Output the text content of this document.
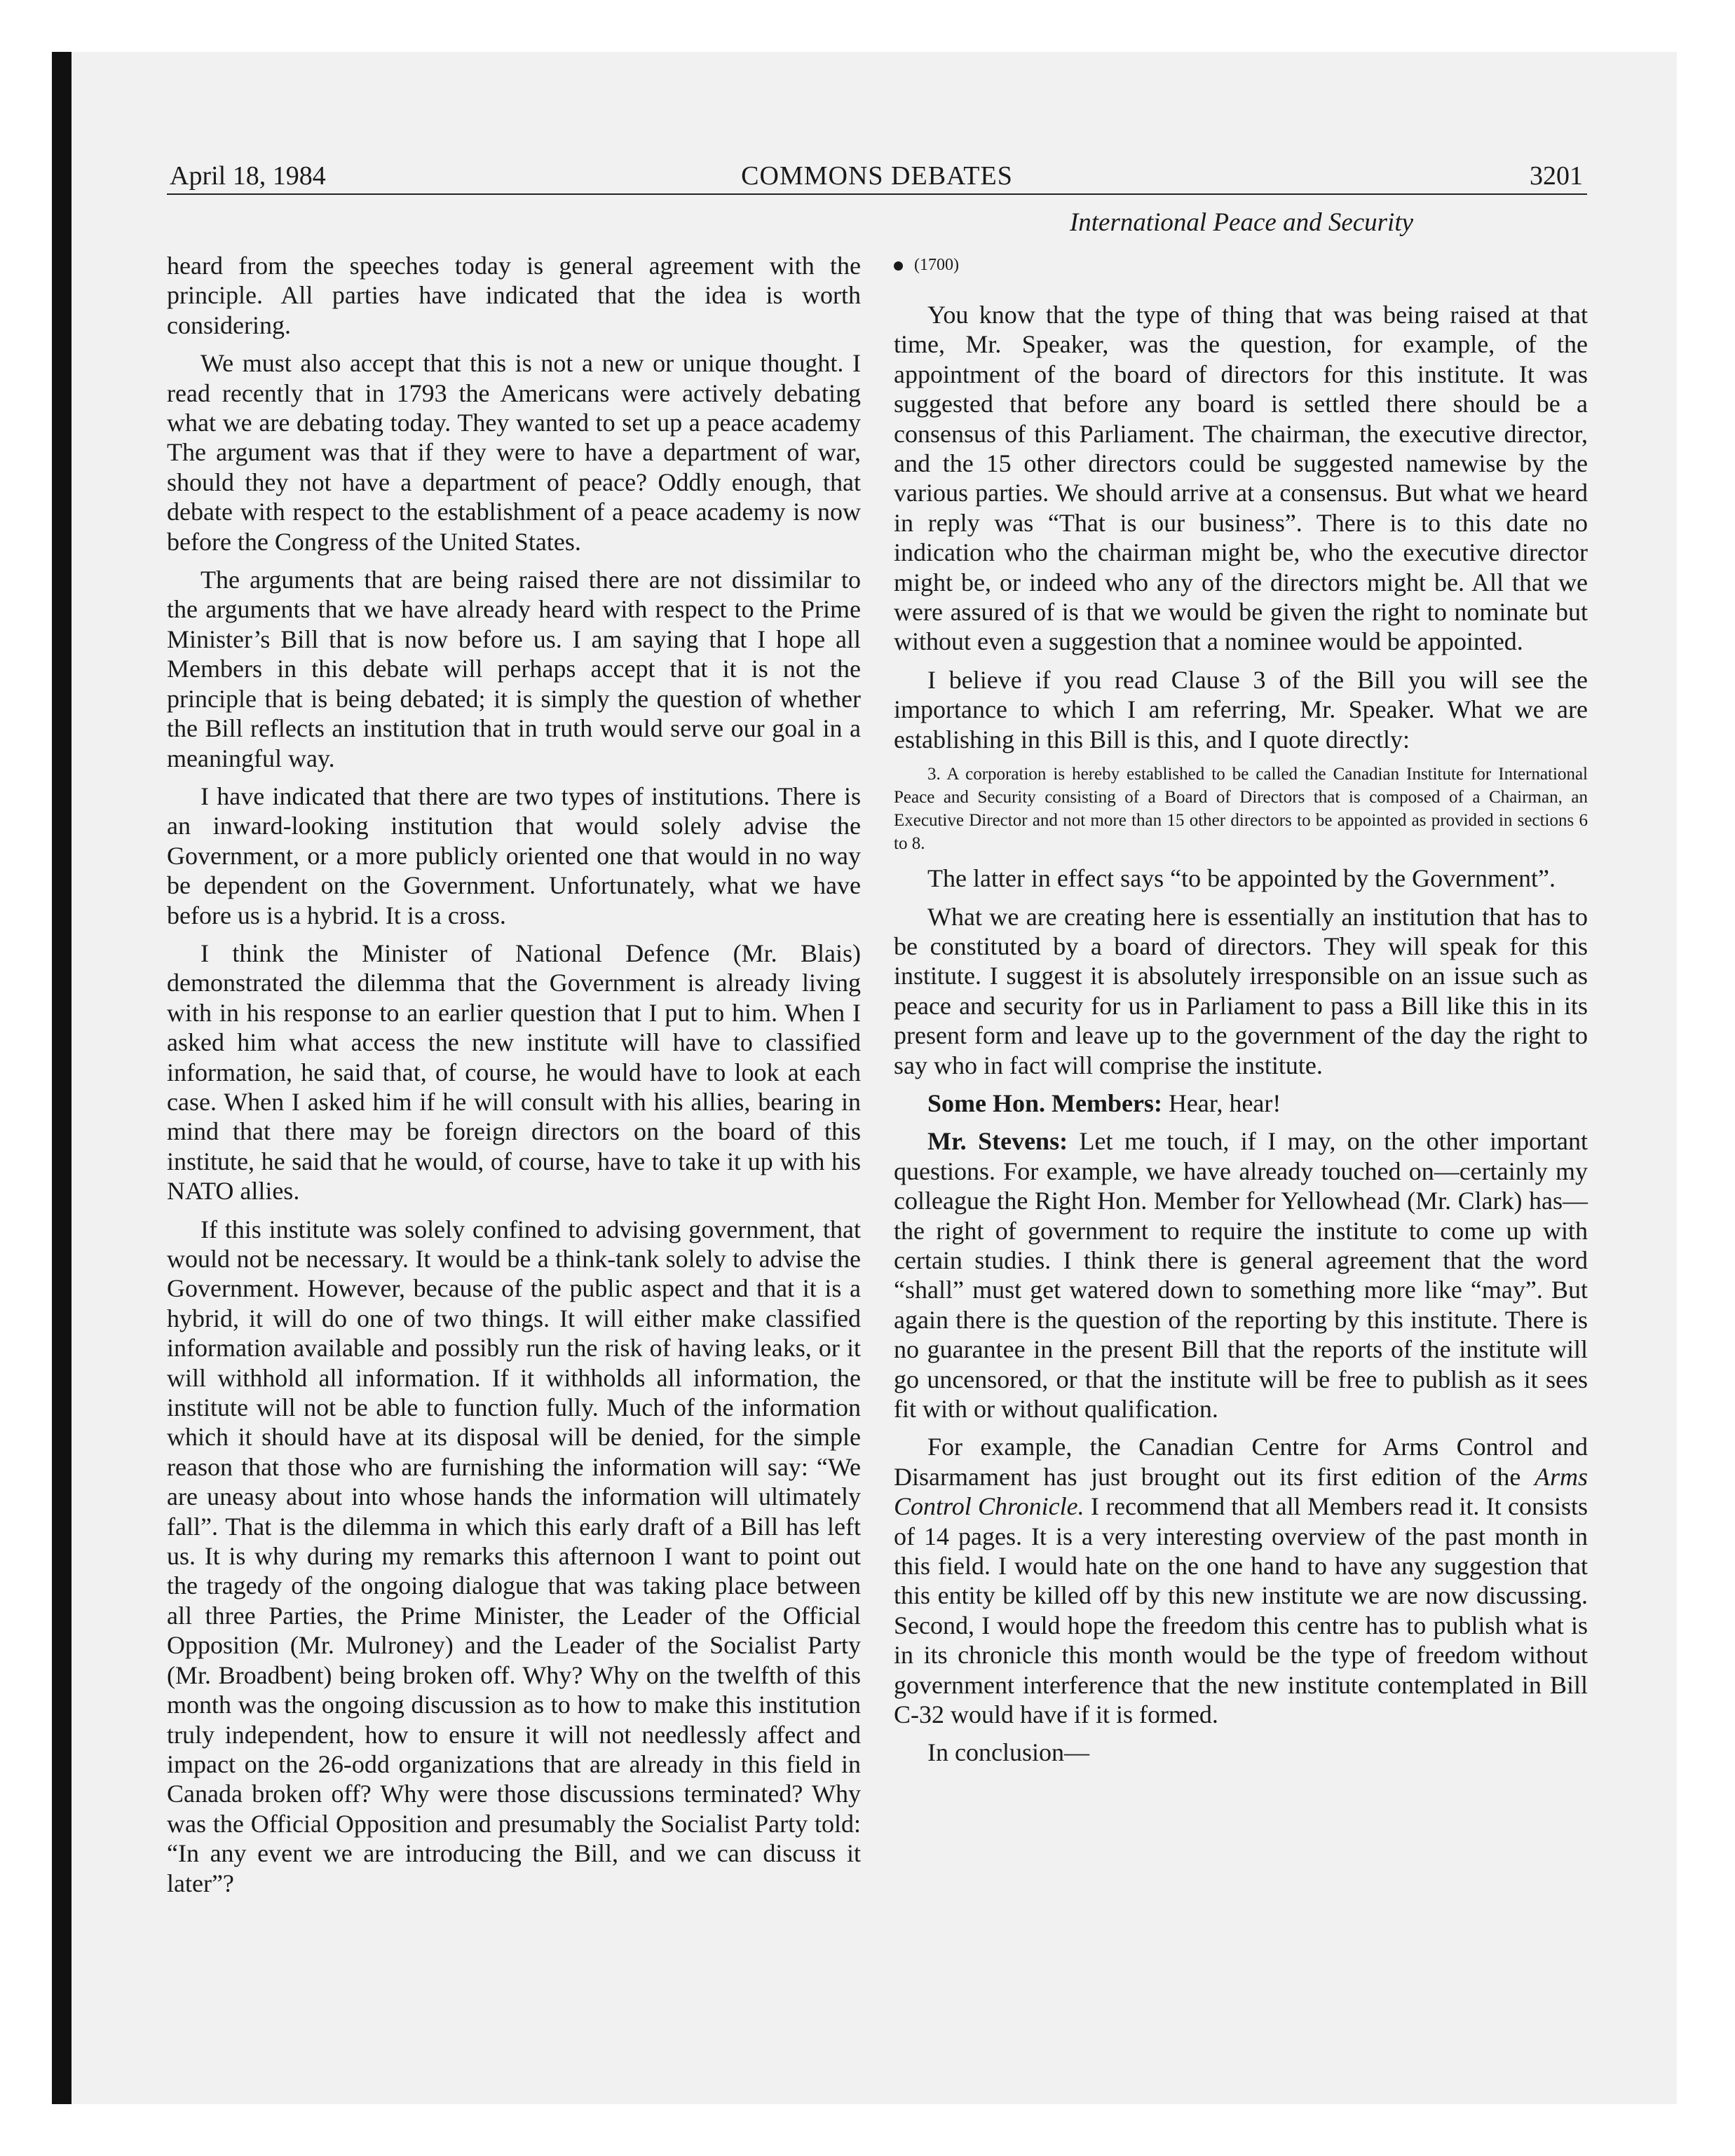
April 18, 1984	COMMONS DEBATES	3201
International Peace and Security

heard from the speeches today is general agreement with the principle. All parties have indicated that the idea is worth considering.

We must also accept that this is not a new or unique thought. I read recently that in 1793 the Americans were actively debating what we are debating today. They wanted to set up a peace academy The argument was that if they were to have a department of war, should they not have a department of peace? Oddly enough, that debate with respect to the establishment of a peace academy is now before the Congress of the United States.

The arguments that are being raised there are not dissimilar to the arguments that we have already heard with respect to the Prime Minister’s Bill that is now before us. I am saying that I hope all Members in this debate will perhaps accept that it is not the principle that is being debated; it is simply the question of whether the Bill reflects an institution that in truth would serve our goal in a meaningful way.

I have indicated that there are two types of institutions. There is an inward-looking institution that would solely advise the Government, or a more publicly oriented one that would in no way be dependent on the Government. Unfortunately, what we have before us is a hybrid. It is a cross.

I think the Minister of National Defence (Mr. Blais) demonstrated the dilemma that the Government is already living with in his response to an earlier question that I put to him. When I asked him what access the new institute will have to classified information, he said that, of course, he would have to look at each case. When I asked him if he will consult with his allies, bearing in mind that there may be foreign directors on the board of this institute, he said that he would, of course, have to take it up with his NATO allies.

If this institute was solely confined to advising government, that would not be necessary. It would be a think-tank solely to advise the Government. However, because of the public aspect and that it is a hybrid, it will do one of two things. It will either make classified information available and possibly run the risk of having leaks, or it will withhold all information. If it withholds all information, the institute will not be able to function fully. Much of the information which it should have at its disposal will be denied, for the simple reason that those who are furnishing the information will say: “We are uneasy about into whose hands the information will ultimately fall”. That is the dilemma in which this early draft of a Bill has left us. It is why during my remarks this afternoon I want to point out the tragedy of the ongoing dialogue that was taking place between all three Parties, the Prime Minister, the Leader of the Official Opposition (Mr. Mulroney) and the Leader of the Socialist Party (Mr. Broadbent) being broken off. Why? Why on the twelfth of this month was the ongoing discussion as to how to make this institution truly independent, how to ensure it will not needlessly affect and impact on the 26-odd organizations that are already in this field in Canada broken off? Why were those discussions terminated? Why was the Official Opposition and presumably the Socialist Party told: “In any event we are introducing the Bill, and we can discuss it later”?

(1700)

You know that the type of thing that was being raised at that time, Mr. Speaker, was the question, for example, of the appointment of the board of directors for this institute. It was suggested that before any board is settled there should be a consensus of this Parliament. The chairman, the executive director, and the 15 other directors could be suggested namewise by the various parties. We should arrive at a consensus. But what we heard in reply was “That is our business”. There is to this date no indication who the chairman might be, who the executive director might be, or indeed who any of the directors might be. All that we were assured of is that we would be given the right to nominate but without even a suggestion that a nominee would be appointed.

I believe if you read Clause 3 of the Bill you will see the importance to which I am referring, Mr. Speaker. What we are establishing in this Bill is this, and I quote directly:

3. A corporation is hereby established to be called the Canadian Institute for International Peace and Security consisting of a Board of Directors that is composed of a Chairman, an Executive Director and not more than 15 other directors to be appointed as provided in sections 6 to 8.

The latter in effect says “to be appointed by the Government”.

What we are creating here is essentially an institution that has to be constituted by a board of directors. They will speak for this institute. I suggest it is absolutely irresponsible on an issue such as peace and security for us in Parliament to pass a Bill like this in its present form and leave up to the government of the day the right to say who in fact will comprise the institute.

Some Hon. Members: Hear, hear!

Mr. Stevens: Let me touch, if I may, on the other important questions. For example, we have already touched on—certainly my colleague the Right Hon. Member for Yellowhead (Mr. Clark) has—the right of government to require the institute to come up with certain studies. I think there is general agreement that the word “shall” must get watered down to something more like “may”. But again there is the question of the reporting by this institute. There is no guarantee in the present Bill that the reports of the institute will go uncensored, or that the institute will be free to publish as it sees fit with or without qualification.

For example, the Canadian Centre for Arms Control and Disarmament has just brought out its first edition of the Arms Control Chronicle. I recommend that all Members read it. It consists of 14 pages. It is a very interesting overview of the past month in this field. I would hate on the one hand to have any suggestion that this entity be killed off by this new institute we are now discussing. Second, I would hope the freedom this centre has to publish what is in its chronicle this month would be the type of freedom without government interference that the new institute contemplated in Bill C-32 would have if it is formed.

In conclusion—
